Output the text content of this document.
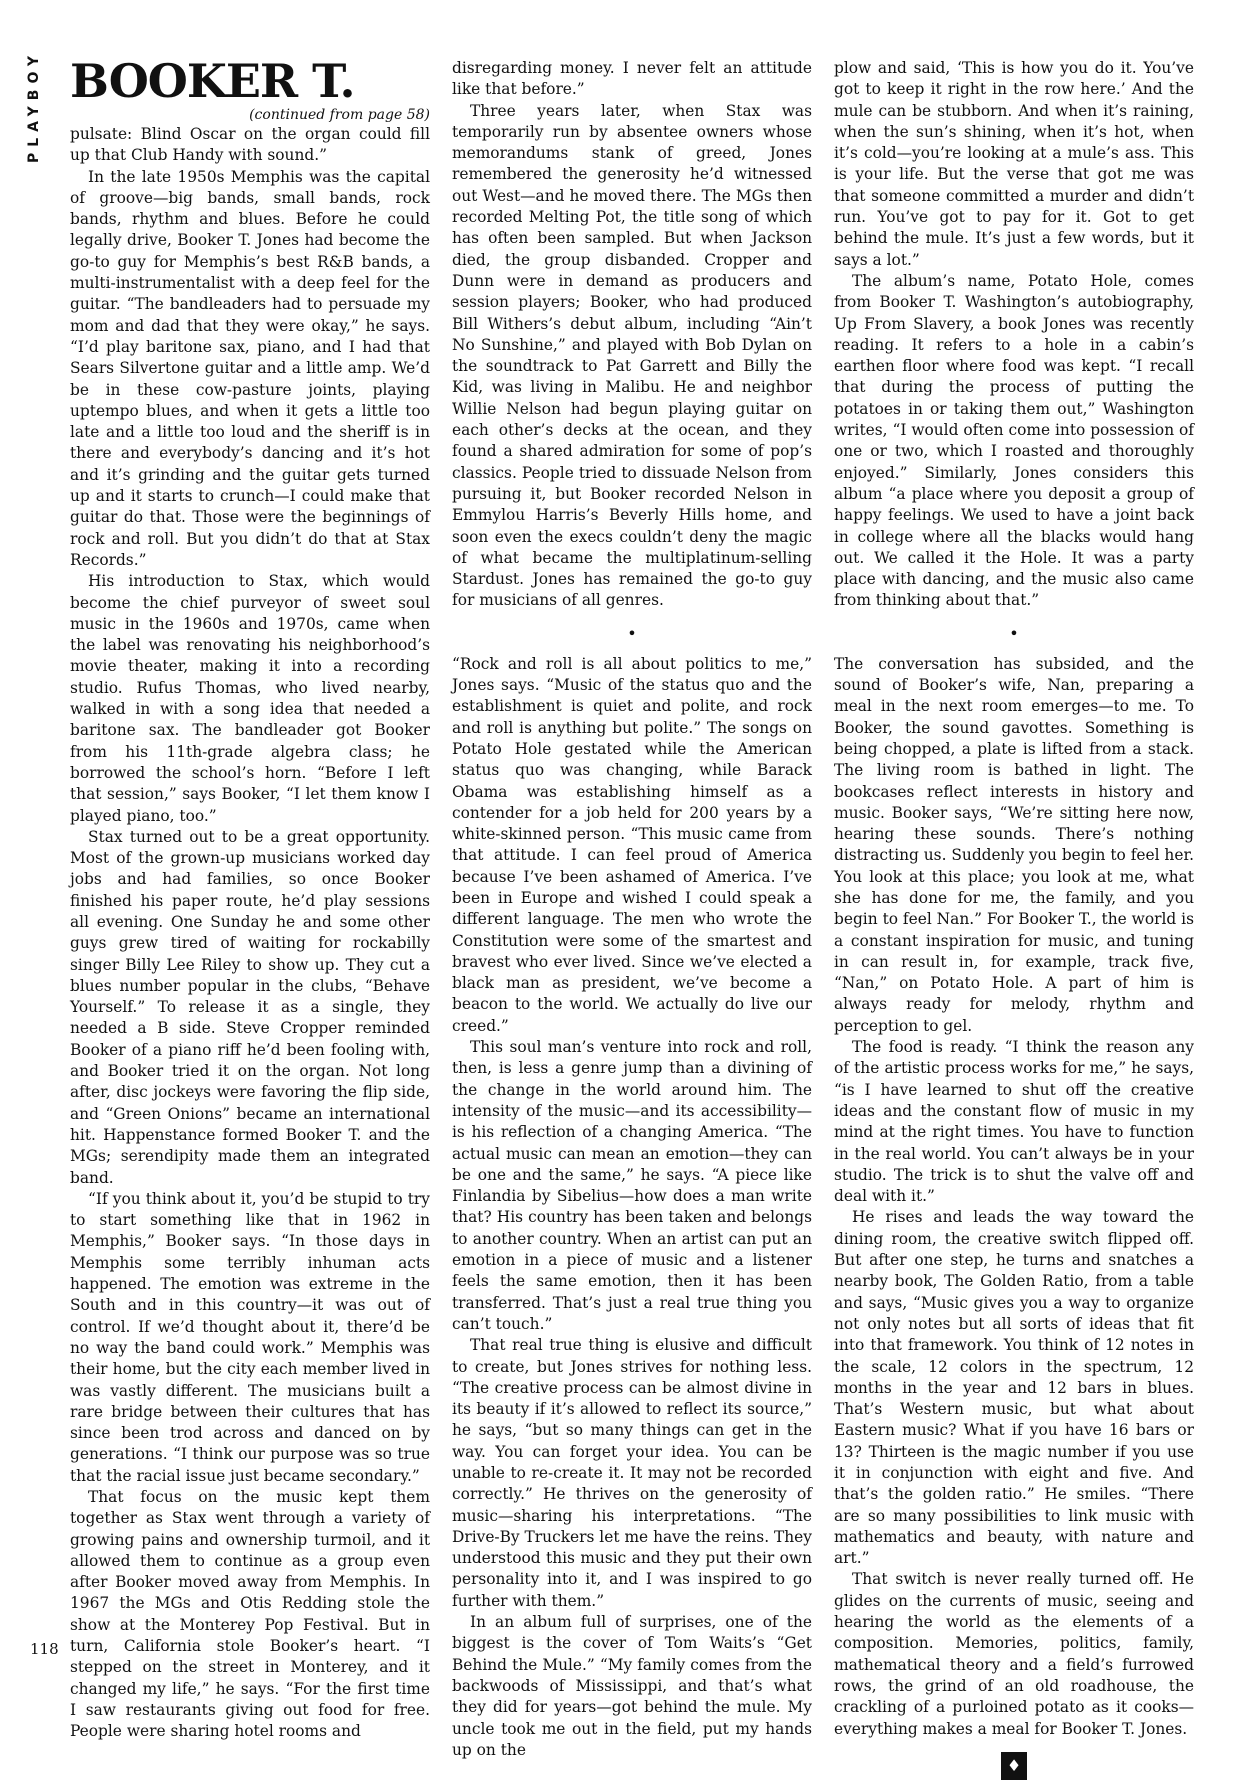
PLAYBOY
118
BOOKER T.

(continued from page 58)

pulsate: Blind Oscar on the organ could fill up that Club Handy with sound.”

In the late 1950s Memphis was the capital of groove—big bands, small bands, rock bands, rhythm and blues. Before he could legally drive, Booker T. Jones had become the go-to guy for Memphis’s best R&B bands, a multi-instrumentalist with a deep feel for the guitar. “The bandleaders had to persuade my mom and dad that they were okay,” he says. “I’d play baritone sax, piano, and I had that Sears Silvertone guitar and a little amp. We’d be in these cow-pasture joints, playing uptempo blues, and when it gets a little too late and a little too loud and the sheriff is in there and everybody’s dancing and it’s hot and it’s grinding and the guitar gets turned up and it starts to crunch—I could make that guitar do that. Those were the beginnings of rock and roll. But you didn’t do that at Stax Records.”

His introduction to Stax, which would become the chief purveyor of sweet soul music in the 1960s and 1970s, came when the label was renovating his neighborhood’s movie theater, making it into a recording studio. Rufus Thomas, who lived nearby, walked in with a song idea that needed a baritone sax. The bandleader got Booker from his 11th-grade algebra class; he borrowed the school’s horn. “Before I left that session,” says Booker, “I let them know I played piano, too.”

Stax turned out to be a great opportunity. Most of the grown-up musicians worked day jobs and had families, so once Booker finished his paper route, he’d play sessions all evening. One Sunday he and some other guys grew tired of waiting for rockabilly singer Billy Lee Riley to show up. They cut a blues number popular in the clubs, “Behave Yourself.” To release it as a single, they needed a B side. Steve Cropper reminded Booker of a piano riff he’d been fooling with, and Booker tried it on the organ. Not long after, disc jockeys were favoring the flip side, and “Green Onions” became an international hit. Happenstance formed Booker T. and the MGs; serendipity made them an integrated band.

“If you think about it, you’d be stupid to try to start something like that in 1962 in Memphis,” Booker says. “In those days in Memphis some terribly inhuman acts happened. The emotion was extreme in the South and in this country—it was out of control. If we’d thought about it, there’d be no way the band could work.” Memphis was their home, but the city each member lived in was vastly different. The musicians built a rare bridge between their cultures that has since been trod across and danced on by generations. “I think our purpose was so true that the racial issue just became secondary.”

That focus on the music kept them together as Stax went through a variety of growing pains and ownership turmoil, and it allowed them to continue as a group even after Booker moved away from Memphis. In 1967 the MGs and Otis Redding stole the show at the Monterey Pop Festival. But in turn, California stole Booker’s heart. “I stepped on the street in Monterey, and it changed my life,” he says. “For the first time I saw restaurants giving out food for free. People were sharing hotel rooms and

disregarding money. I never felt an attitude like that before.”

Three years later, when Stax was temporarily run by absentee owners whose memorandums stank of greed, Jones remembered the generosity he’d witnessed out West—and he moved there. The MGs then recorded Melting Pot, the title song of which has often been sampled. But when Jackson died, the group disbanded. Cropper and Dunn were in demand as producers and session players; Booker, who had produced Bill Withers’s debut album, including “Ain’t No Sunshine,” and played with Bob Dylan on the soundtrack to Pat Garrett and Billy the Kid, was living in Malibu. He and neighbor Willie Nelson had begun playing guitar on each other’s decks at the ocean, and they found a shared admiration for some of pop’s classics. People tried to dissuade Nelson from pursuing it, but Booker recorded Nelson in Emmylou Harris’s Beverly Hills home, and soon even the execs couldn’t deny the magic of what became the multiplatinum-selling Stardust. Jones has remained the go-to guy for musicians of all genres.

•

“Rock and roll is all about politics to me,” Jones says. “Music of the status quo and the establishment is quiet and polite, and rock and roll is anything but polite.” The songs on Potato Hole gestated while the American status quo was changing, while Barack Obama was establishing himself as a contender for a job held for 200 years by a white-skinned person. “This music came from that attitude. I can feel proud of America because I’ve been ashamed of America. I’ve been in Europe and wished I could speak a different language. The men who wrote the Constitution were some of the smartest and bravest who ever lived. Since we’ve elected a black man as president, we’ve become a beacon to the world. We actually do live our creed.”

This soul man’s venture into rock and roll, then, is less a genre jump than a divining of the change in the world around him. The intensity of the music—and its accessibility—is his reflection of a changing America. “The actual music can mean an emotion—they can be one and the same,” he says. “A piece like Finlandia by Sibelius—how does a man write that? His country has been taken and belongs to another country. When an artist can put an emotion in a piece of music and a listener feels the same emotion, then it has been transferred. That’s just a real true thing you can’t touch.”

That real true thing is elusive and difficult to create, but Jones strives for nothing less. “The creative process can be almost divine in its beauty if it’s allowed to reflect its source,” he says, “but so many things can get in the way. You can forget your idea. You can be unable to re-create it. It may not be recorded correctly.” He thrives on the generosity of music—sharing his interpretations. “The Drive-By Truckers let me have the reins. They understood this music and they put their own personality into it, and I was inspired to go further with them.”

In an album full of surprises, one of the biggest is the cover of Tom Waits’s “Get Behind the Mule.” “My family comes from the backwoods of Mississippi, and that’s what they did for years—got behind the mule. My uncle took me out in the field, put my hands up on the

plow and said, ‘This is how you do it. You’ve got to keep it right in the row here.’ And the mule can be stubborn. And when it’s raining, when the sun’s shining, when it’s hot, when it’s cold—you’re looking at a mule’s ass. This is your life. But the verse that got me was that someone committed a murder and didn’t run. You’ve got to pay for it. Got to get behind the mule. It’s just a few words, but it says a lot.”

The album’s name, Potato Hole, comes from Booker T. Washington’s autobiography, Up From Slavery, a book Jones was recently reading. It refers to a hole in a cabin’s earthen floor where food was kept. “I recall that during the process of putting the potatoes in or taking them out,” Washington writes, “I would often come into possession of one or two, which I roasted and thoroughly enjoyed.” Similarly, Jones considers this album “a place where you deposit a group of happy feelings. We used to have a joint back in college where all the blacks would hang out. We called it the Hole. It was a party place with dancing, and the music also came from thinking about that.”

•

The conversation has subsided, and the sound of Booker’s wife, Nan, preparing a meal in the next room emerges—to me. To Booker, the sound gavottes. Something is being chopped, a plate is lifted from a stack. The living room is bathed in light. The bookcases reflect interests in history and music. Booker says, “We’re sitting here now, hearing these sounds. There’s nothing distracting us. Suddenly you begin to feel her. You look at this place; you look at me, what she has done for me, the family, and you begin to feel Nan.” For Booker T., the world is a constant inspiration for music, and tuning in can result in, for example, track five, “Nan,” on Potato Hole. A part of him is always ready for melody, rhythm and perception to gel.

The food is ready. “I think the reason any of the artistic process works for me,” he says, “is I have learned to shut off the creative ideas and the constant flow of music in my mind at the right times. You have to function in the real world. You can’t always be in your studio. The trick is to shut the valve off and deal with it.”

He rises and leads the way toward the dining room, the creative switch flipped off. But after one step, he turns and snatches a nearby book, The Golden Ratio, from a table and says, “Music gives you a way to organize not only notes but all sorts of ideas that fit into that framework. You think of 12 notes in the scale, 12 colors in the spectrum, 12 months in the year and 12 bars in blues. That’s Western music, but what about Eastern music? What if you have 16 bars or 13? Thirteen is the magic number if you use it in conjunction with eight and five. And that’s the golden ratio.” He smiles. “There are so many possibilities to link music with mathematics and beauty, with nature and art.”

That switch is never really turned off. He glides on the currents of music, seeing and hearing the world as the elements of a composition. Memories, politics, family, mathematical theory and a field’s furrowed rows, the grind of an old roadhouse, the crackling of a purloined potato as it cooks—everything makes a meal for Booker T. Jones.

♦
